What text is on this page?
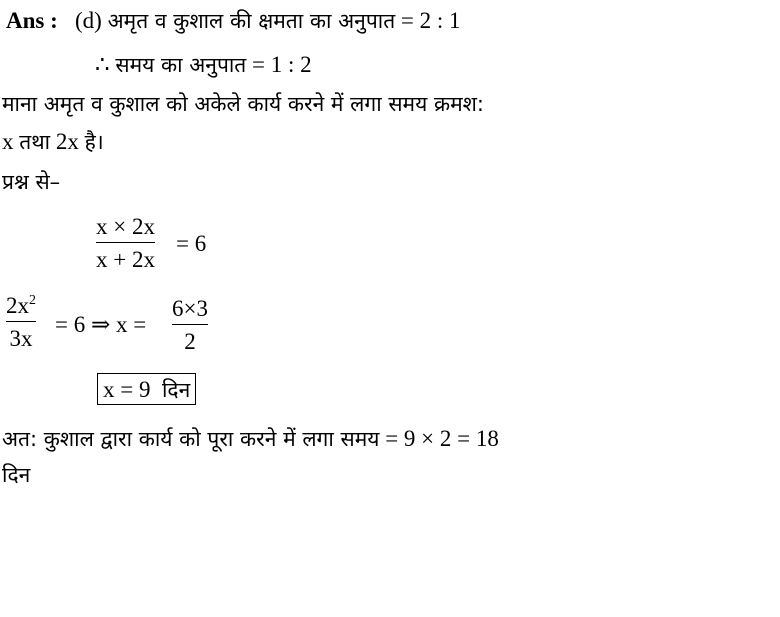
Ans : (d) अमृत व कुशाल की क्षमता का अनुपात = 2 : 1
∴ समय का अनुपात = 1 : 2
माना अमृत व कुशाल को अकेले कार्य करने में लगा समय क्रमश:
x तथा 2x है।
प्रश्न से–
x × 2x
x + 2x
= 6
$2x^2$
3x
= 6 ⇒ x =
6×3
2
x = 9 दिन
अत: कुशाल द्वारा कार्य को पूरा करने में लगा समय = 9 × 2 = 18
दिन
